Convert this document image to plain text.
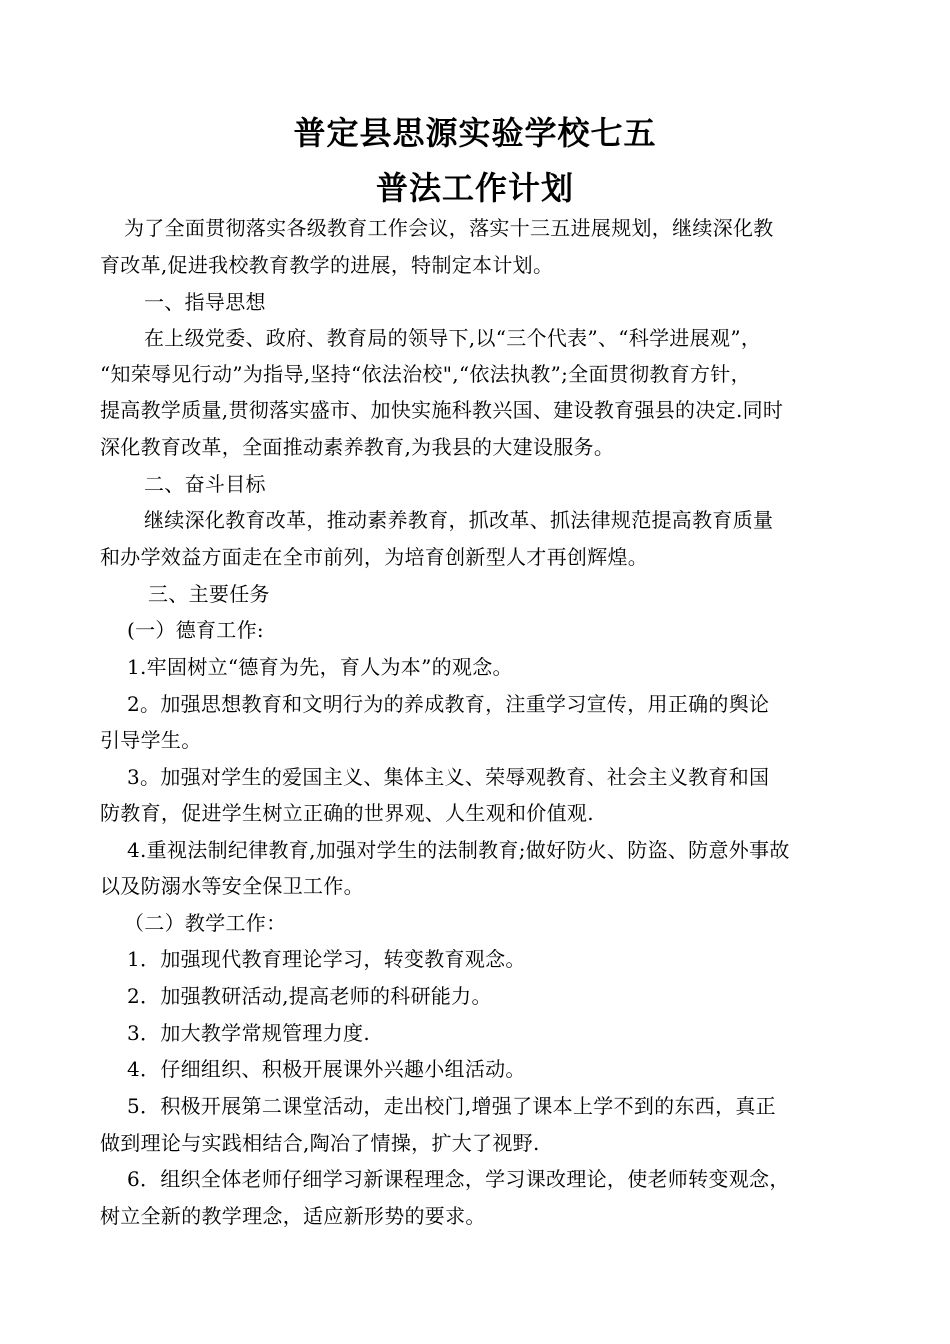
普定县思源实验学校七五
普法工作计划
为了全面贯彻落实各级教育工作会议，落实十三五进展规划，继续深化教
育改革,促进我校教育教学的进展，特制定本计划。
一、指导思想
在上级党委、政府、教育局的领导下,以“三个代表”、“科学进展观”，
“知荣辱见行动”为指导,坚持“依法治校",“依法执教”;全面贯彻教育方针，
提高教学质量,贯彻落实盛市、加快实施科教兴国、建设教育强县的决定.同时
深化教育改革，全面推动素养教育,为我县的大建设服务。
二、奋斗目标
继续深化教育改革，推动素养教育，抓改革、抓法律规范提高教育质量
和办学效益方面走在全市前列，为培育创新型人才再创辉煌。
三、主要任务
(一）德育工作:
1.牢固树立“德育为先，育人为本”的观念。
2。加强思想教育和文明行为的养成教育，注重学习宣传，用正确的舆论
引导学生。
3。加强对学生的爱国主义、集体主义、荣辱观教育、社会主义教育和国
防教育，促进学生树立正确的世界观、人生观和价值观.
4.重视法制纪律教育,加强对学生的法制教育;做好防火、防盗、防意外事故
以及防溺水等安全保卫工作。
（二）教学工作：
1．加强现代教育理论学习，转变教育观念。
2．加强教研活动,提高老师的科研能力。
3．加大教学常规管理力度.
4．仔细组织、积极开展课外兴趣小组活动。
5．积极开展第二课堂活动，走出校门,增强了课本上学不到的东西，真正
做到理论与实践相结合,陶冶了情操，扩大了视野.
6．组织全体老师仔细学习新课程理念，学习课改理论，使老师转变观念，
树立全新的教学理念，适应新形势的要求。
